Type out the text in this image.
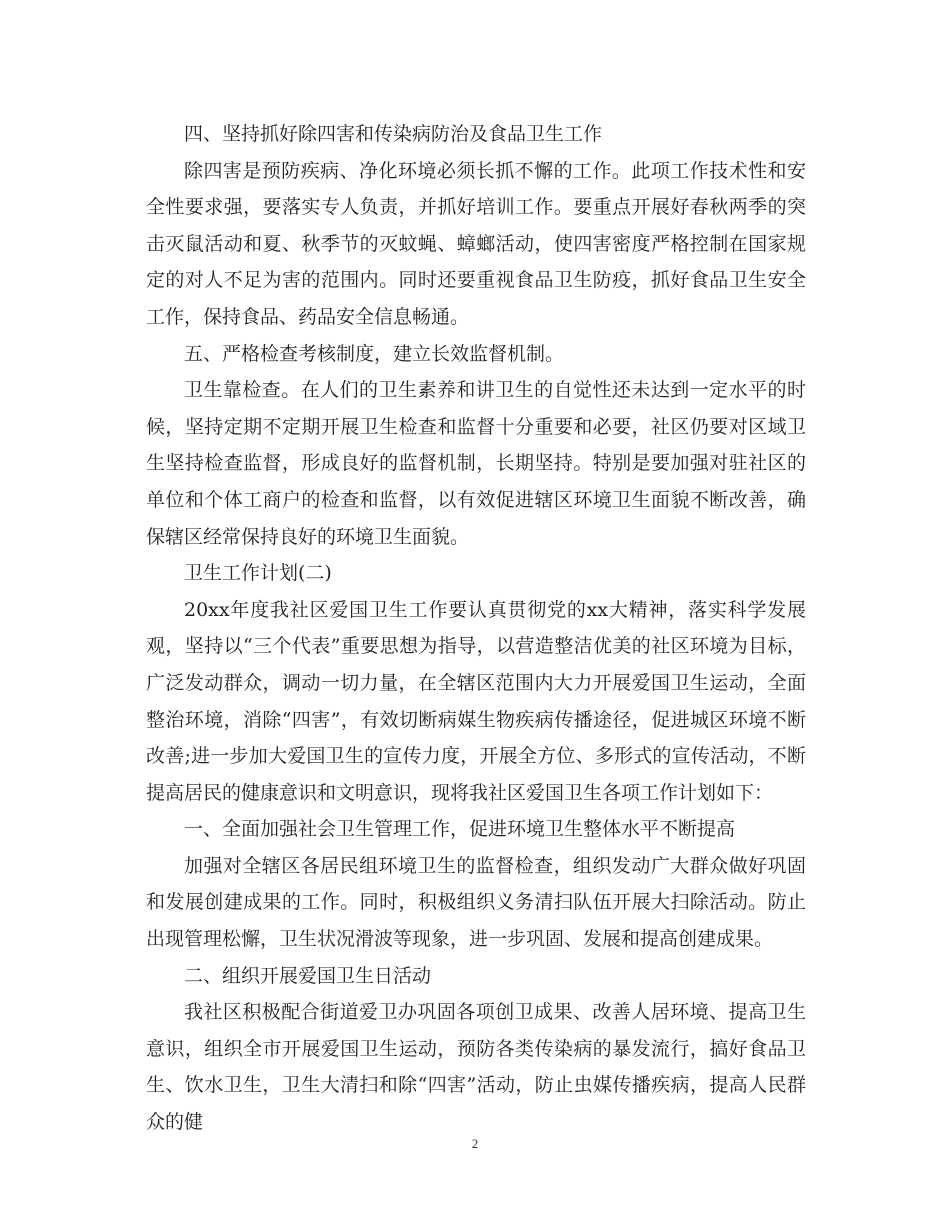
四、坚持抓好除四害和传染病防治及食品卫生工作

除四害是预防疾病、净化环境必须长抓不懈的工作。此项工作技术性和安全性要求强，要落实专人负责，并抓好培训工作。要重点开展好春秋两季的突击灭鼠活动和夏、秋季节的灭蚊蝇、蟑螂活动，使四害密度严格控制在国家规定的对人不足为害的范围内。同时还要重视食品卫生防疫，抓好食品卫生安全工作，保持食品、药品安全信息畅通。

五、严格检查考核制度，建立长效监督机制。

卫生靠检查。在人们的卫生素养和讲卫生的自觉性还未达到一定水平的时候，坚持定期不定期开展卫生检查和监督十分重要和必要，社区仍要对区域卫生坚持检查监督，形成良好的监督机制，长期坚持。特别是要加强对驻社区的单位和个体工商户的检查和监督，以有效促进辖区环境卫生面貌不断改善，确保辖区经常保持良好的环境卫生面貌。

卫生工作计划(二)

20xx年度我社区爱国卫生工作要认真贯彻党的xx大精神，落实科学发展观，坚持以“三个代表”重要思想为指导，以营造整洁优美的社区环境为目标，广泛发动群众，调动一切力量，在全辖区范围内大力开展爱国卫生运动，全面整治环境，消除“四害”，有效切断病媒生物疾病传播途径，促进城区环境不断改善;进一步加大爱国卫生的宣传力度，开展全方位、多形式的宣传活动，不断提高居民的健康意识和文明意识，现将我社区爱国卫生各项工作计划如下：

一、全面加强社会卫生管理工作，促进环境卫生整体水平不断提高

加强对全辖区各居民组环境卫生的监督检查，组织发动广大群众做好巩固和发展创建成果的工作。同时，积极组织义务清扫队伍开展大扫除活动。防止出现管理松懈，卫生状况滑波等现象，进一步巩固、发展和提高创建成果。

二、组织开展爱国卫生日活动

我社区积极配合街道爱卫办巩固各项创卫成果、改善人居环境、提高卫生意识，组织全市开展爱国卫生运动，预防各类传染病的暴发流行，搞好食品卫生、饮水卫生，卫生大清扫和除“四害”活动，防止虫媒传播疾病，提高人民群众的健

2
